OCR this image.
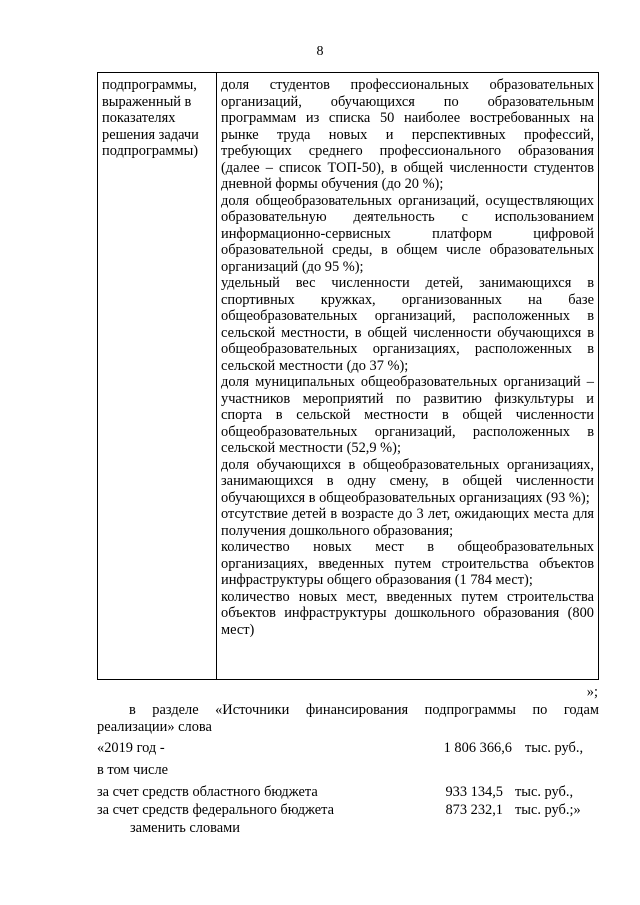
8
подпрограммы, выраженный в показателях решения задачи подпрограммы)	

доля студентов профессиональных образовательных организаций, обучающихся по образовательным программам из списка 50 наиболее востребованных на рынке труда новых и перспективных профессий, требующих среднего профессионального образования (далее – список ТОП-50), в общей численности студентов дневной формы обучения (до 20 %);

доля общеобразовательных организаций, осуществляющих образовательную деятельность с использованием информационно-сервисных платформ цифровой образовательной среды, в общем числе образовательных организаций (до 95 %);

удельный вес численности детей, занимающихся в спортивных кружках, организованных на базе общеобразовательных организаций, расположенных в сельской местности, в общей численности обучающихся в общеобразовательных организациях, расположенных в сельской местности (до 37 %);

доля муниципальных общеобразовательных организаций – участников мероприятий по развитию физкультуры и спорта в сельской местности в общей численности общеобразовательных организаций, расположенных в сельской местности (52,9 %);

доля обучающихся в общеобразовательных организациях, занимающихся в одну смену, в общей численности обучающихся в общеобразовательных организациях (93 %);

отсутствие детей в возрасте до 3 лет, ожидающих места для получения дошкольного образования;

количество новых мест в общеобразовательных организациях, введенных путем строительства объектов инфраструктуры общего образования (1 784 мест);

количество новых мест, введенных путем строительства объектов инфраструктуры дошкольного образования (800 мест)

»;
в разделе «Источники финансирования подпрограммы по годам реализации» слова
«2019 год -	1 806 366,6 тыс. руб.,
в том числе
за счет средств областного бюджета	933 134,5 тыс. руб.,
за счет средств федерального бюджета	873 232,1 тыс. руб.;»
заменить словами
